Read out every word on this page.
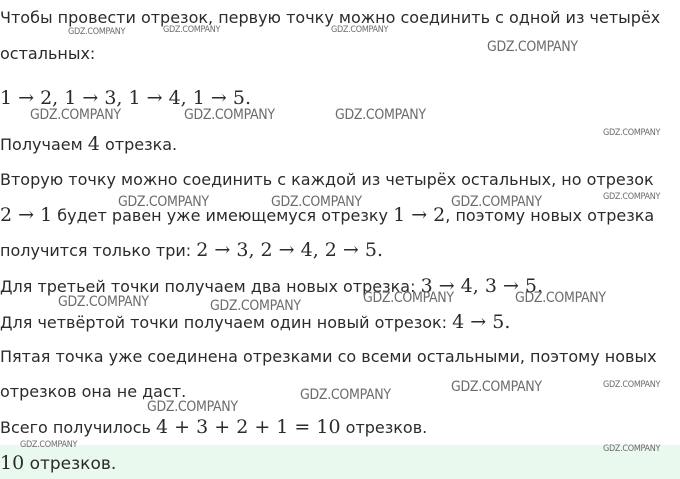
Чтобы провести отрезок, первую точку можно соединить с одной из четырёх
остальных:
1 → 2, 1 → 3, 1 → 4, 1 → 5.
Получаем 4 отрезка.
Вторую точку можно соединить с каждой из четырёх остальных, но отрезок
2 → 1 будет равен уже имеющемуся отрезку 1 → 2, поэтому новых отрезка
получится только три: 2 → 3, 2 → 4, 2 → 5.
Для третьей точки получаем два новых отрезка: 3 → 4, 3 → 5.
Для четвёртой точки получаем один новый отрезок: 4 → 5.
Пятая точка уже соединена отрезками со всеми остальными, поэтому новых
отрезков она не даст.
Всего получилось 4 + 3 + 2 + 1 = 10 отрезков.
10 отрезков.
GDZ.COMPANY	GDZ.COMPANY	GDZ.COMPANY
GDZ.COMPANY
GDZ.COMPANY	GDZ.COMPANY	GDZ.COMPANY
GDZ.COMPANY
GDZ.COMPANY
GDZ.COMPANY	GDZ.COMPANY	GDZ.COMPANY
GDZ.COMPANY	GDZ.COMPANY	GDZ.COMPANY	GDZ.COMPANY
GDZ.COMPANY	GDZ.COMPANY	GDZ.COMPANY
GDZ.COMPANY
GDZ.COMPANY	GDZ.COMPANY
